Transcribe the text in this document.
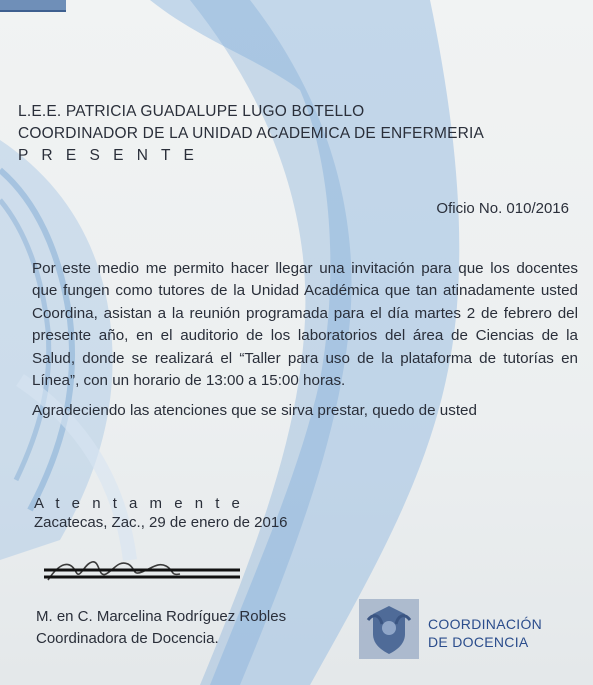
L.E.E. PATRICIA GUADALUPE LUGO BOTELLO
COORDINADOR DE LA UNIDAD ACADEMICA DE ENFERMERIA
P R E S E N T E
Oficio No. 010/2016
Por este medio me permito hacer llegar una invitación para que los docentes que fungen como tutores de la Unidad Académica que tan atinadamente usted Coordina, asistan a la reunión programada para el día martes 2 de febrero del presente año, en el auditorio de los laboratorios del área de Ciencias de la Salud, donde se realizará el “Taller para uso de la plataforma de tutorías en Línea”, con un horario de 13:00 a 15:00 horas.
Agradeciendo las atenciones que se sirva prestar, quedo de usted
A t e n t a m e n t e
Zacatecas, Zac., 29 de enero de 2016
M. en C. Marcelina Rodríguez Robles
Coordinadora de Docencia.
COORDINACIÓN
DE DOCENCIA
